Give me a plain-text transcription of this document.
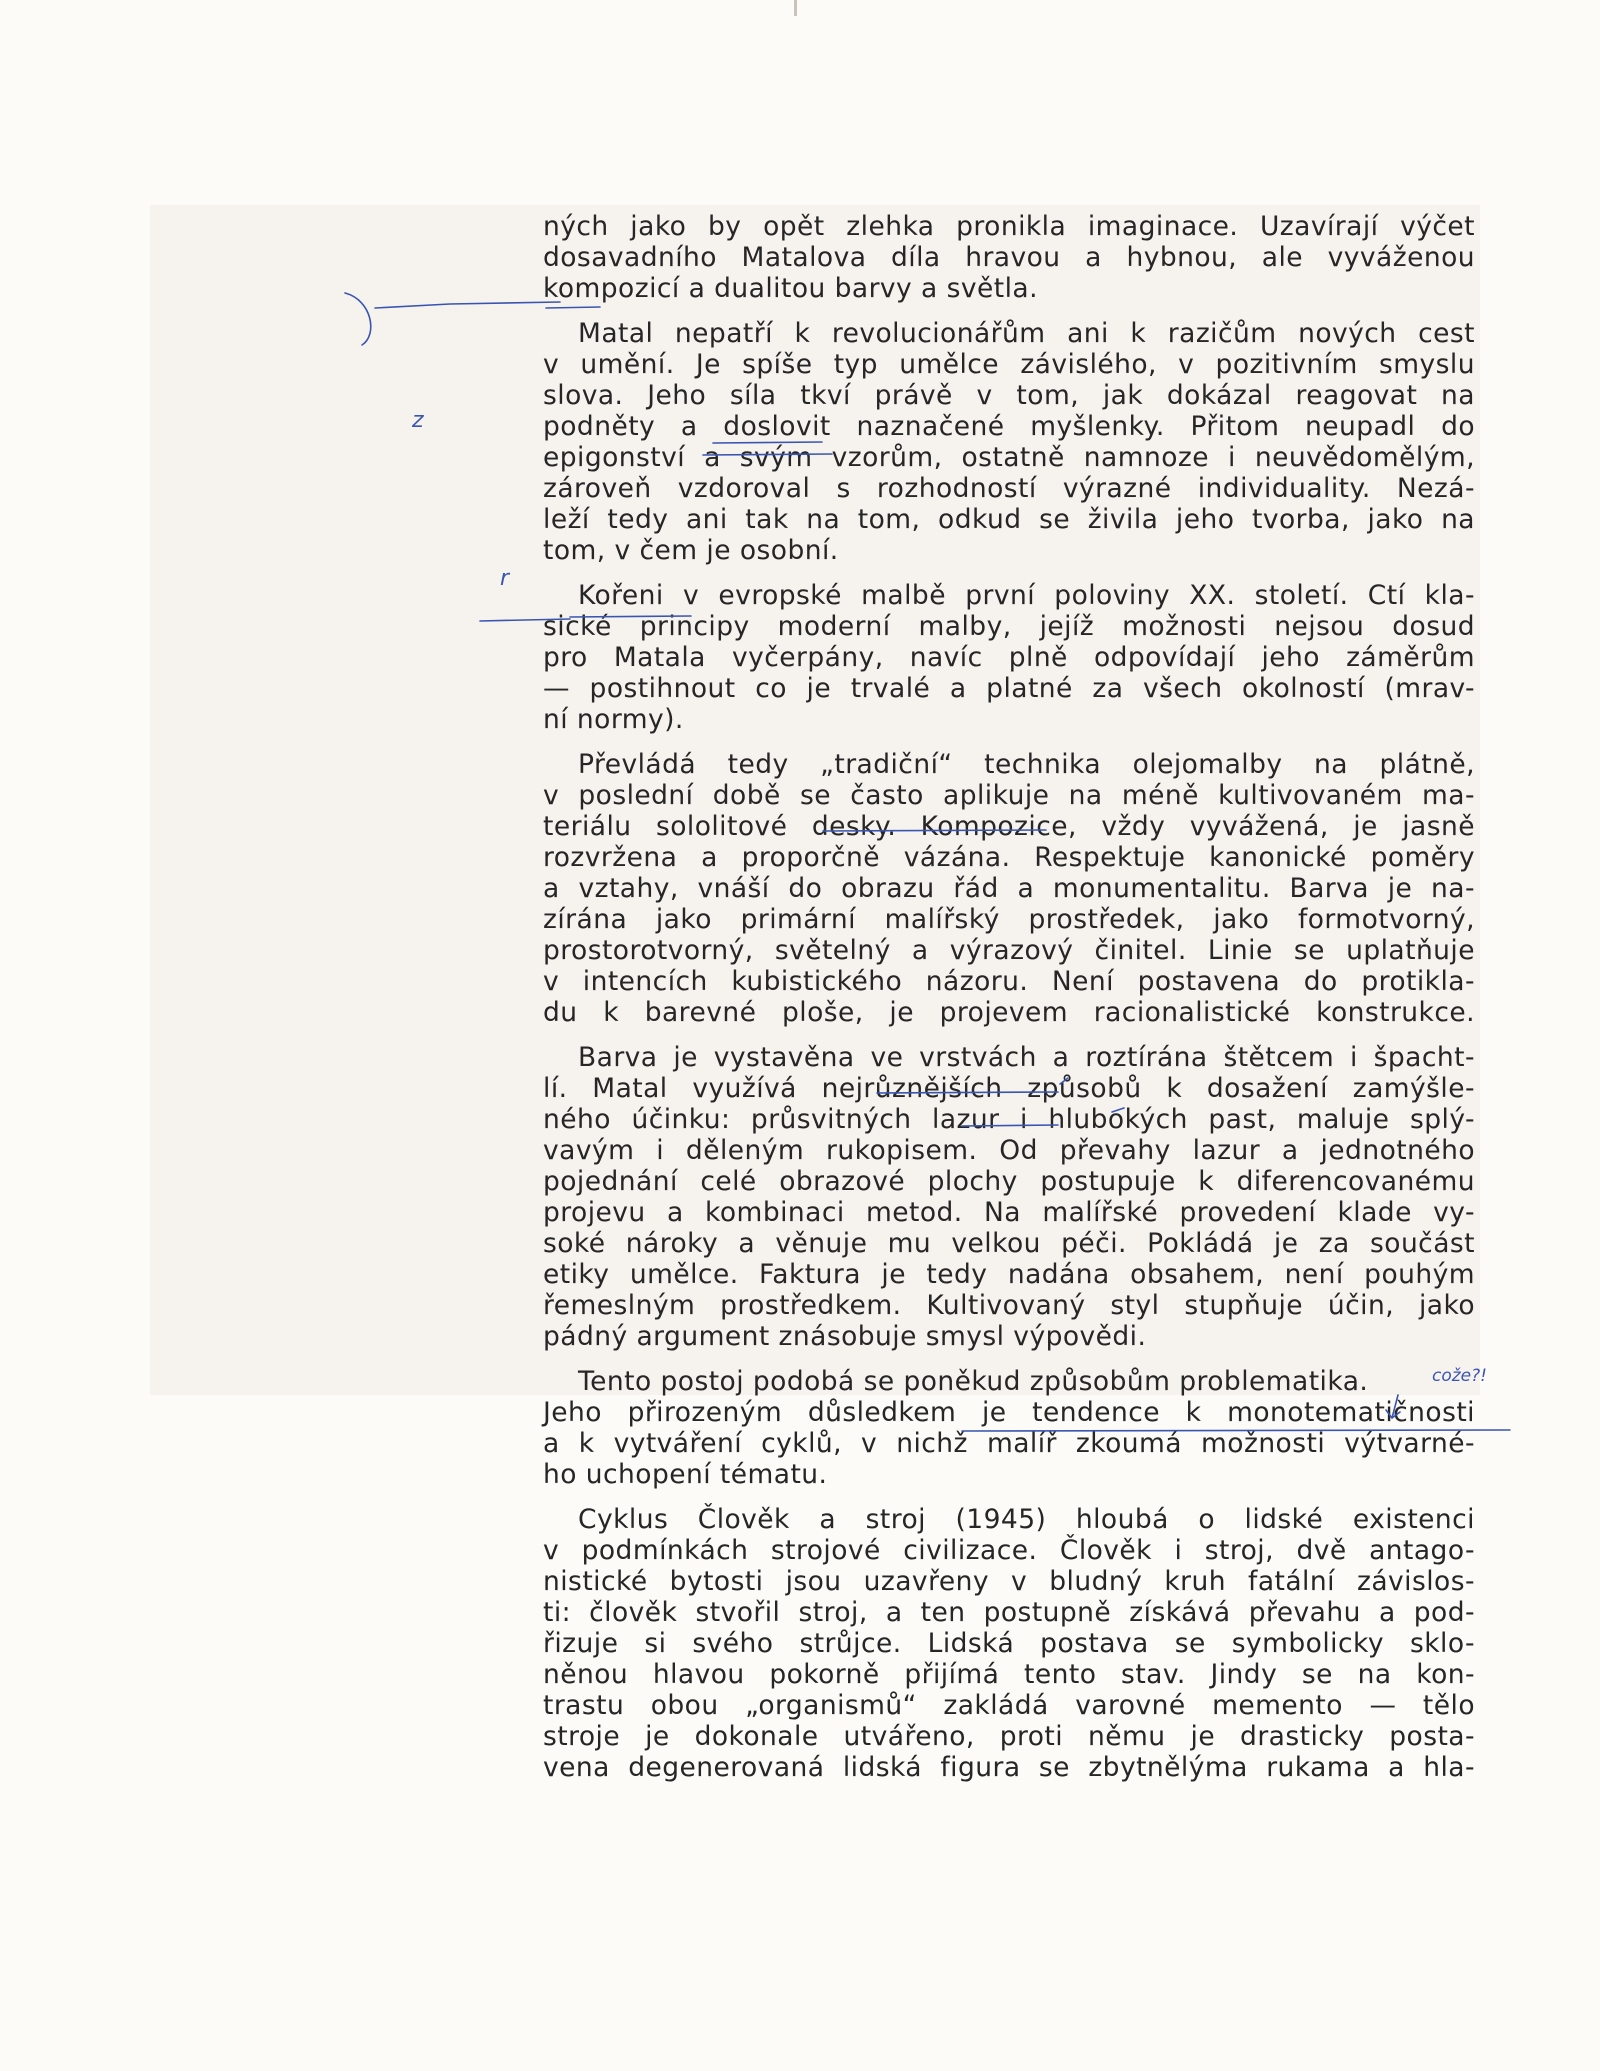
ných jako by opět zlehka pronikla imaginace. Uzavírají výčet
dosavadního Matalova díla hravou a hybnou, ale vyváženou
kompozicí a dualitou barvy a světla.
Matal nepatří k revolucionářům ani k razičům nových cest
v umění. Je spíše typ umělce závislého, v pozitivním smyslu
slova. Jeho síla tkví právě v tom, jak dokázal reagovat na
podněty a doslovit naznačené myšlenky. Přitom neupadl do
epigonství a svým vzorům, ostatně namnoze i neuvědomělým,
zároveň vzdoroval s rozhodností výrazné individuality. Nezá-
leží tedy ani tak na tom, odkud se živila jeho tvorba, jako na
tom, v čem je osobní.
Kořeni v evropské malbě první poloviny XX. století. Ctí kla-
sické principy moderní malby, jejíž možnosti nejsou dosud
pro Matala vyčerpány, navíc plně odpovídají jeho záměrům
— postihnout co je trvalé a platné za všech okolností (mrav-
ní normy).
Převládá tedy „tradiční“ technika olejomalby na plátně,
v poslední době se často aplikuje na méně kultivovaném ma-
teriálu sololitové desky. Kompozice, vždy vyvážená, je jasně
rozvržena a proporčně vázána. Respektuje kanonické poměry
a vztahy, vnáší do obrazu řád a monumentalitu. Barva je na-
zírána jako primární malířský prostředek, jako formotvorný,
prostorotvorný, světelný a výrazový činitel. Linie se uplatňuje
v intencích kubistického názoru. Není postavena do protikla-
du k barevné ploše, je projevem racionalistické konstrukce.
Barva je vystavěna ve vrstvách a roztírána štětcem i špacht-
lí. Matal využívá nejrůznějších způsobů k dosažení zamýšle-
ného účinku: průsvitných lazur i hlubokých past, maluje splý-
vavým i děleným rukopisem. Od převahy lazur a jednotného
pojednání celé obrazové plochy postupuje k diferencovanému
projevu a kombinaci metod. Na malířské provedení klade vy-
soké nároky a věnuje mu velkou péči. Pokládá je za součást
etiky umělce. Faktura je tedy nadána obsahem, není pouhým
řemeslným prostředkem. Kultivovaný styl stupňuje účin, jako
pádný argument znásobuje smysl výpovědi.
Tento postoj podobá se poněkud způsobům problematika.
Jeho přirozeným důsledkem je tendence k monotematičnosti
a k vytváření cyklů, v nichž malíř zkoumá možnosti výtvarné-
ho uchopení tématu.
Cyklus Člověk a stroj (1945) hloubá o lidské existenci
v podmínkách strojové civilizace. Člověk i stroj, dvě antago-
nistické bytosti jsou uzavřeny v bludný kruh fatální závislos-
ti: člověk stvořil stroj, a ten postupně získává převahu a pod-
řizuje si svého strůjce. Lidská postava se symbolicky sklo-
něnou hlavou pokorně přijímá tento stav. Jindy se na kon-
trastu obou „organismů“ zakládá varovné memento — tělo
stroje je dokonale utvářeno, proti němu je drasticky posta-
vena degenerovaná lidská figura se zbytnělýma rukama a hla-
z
r
cože?!
